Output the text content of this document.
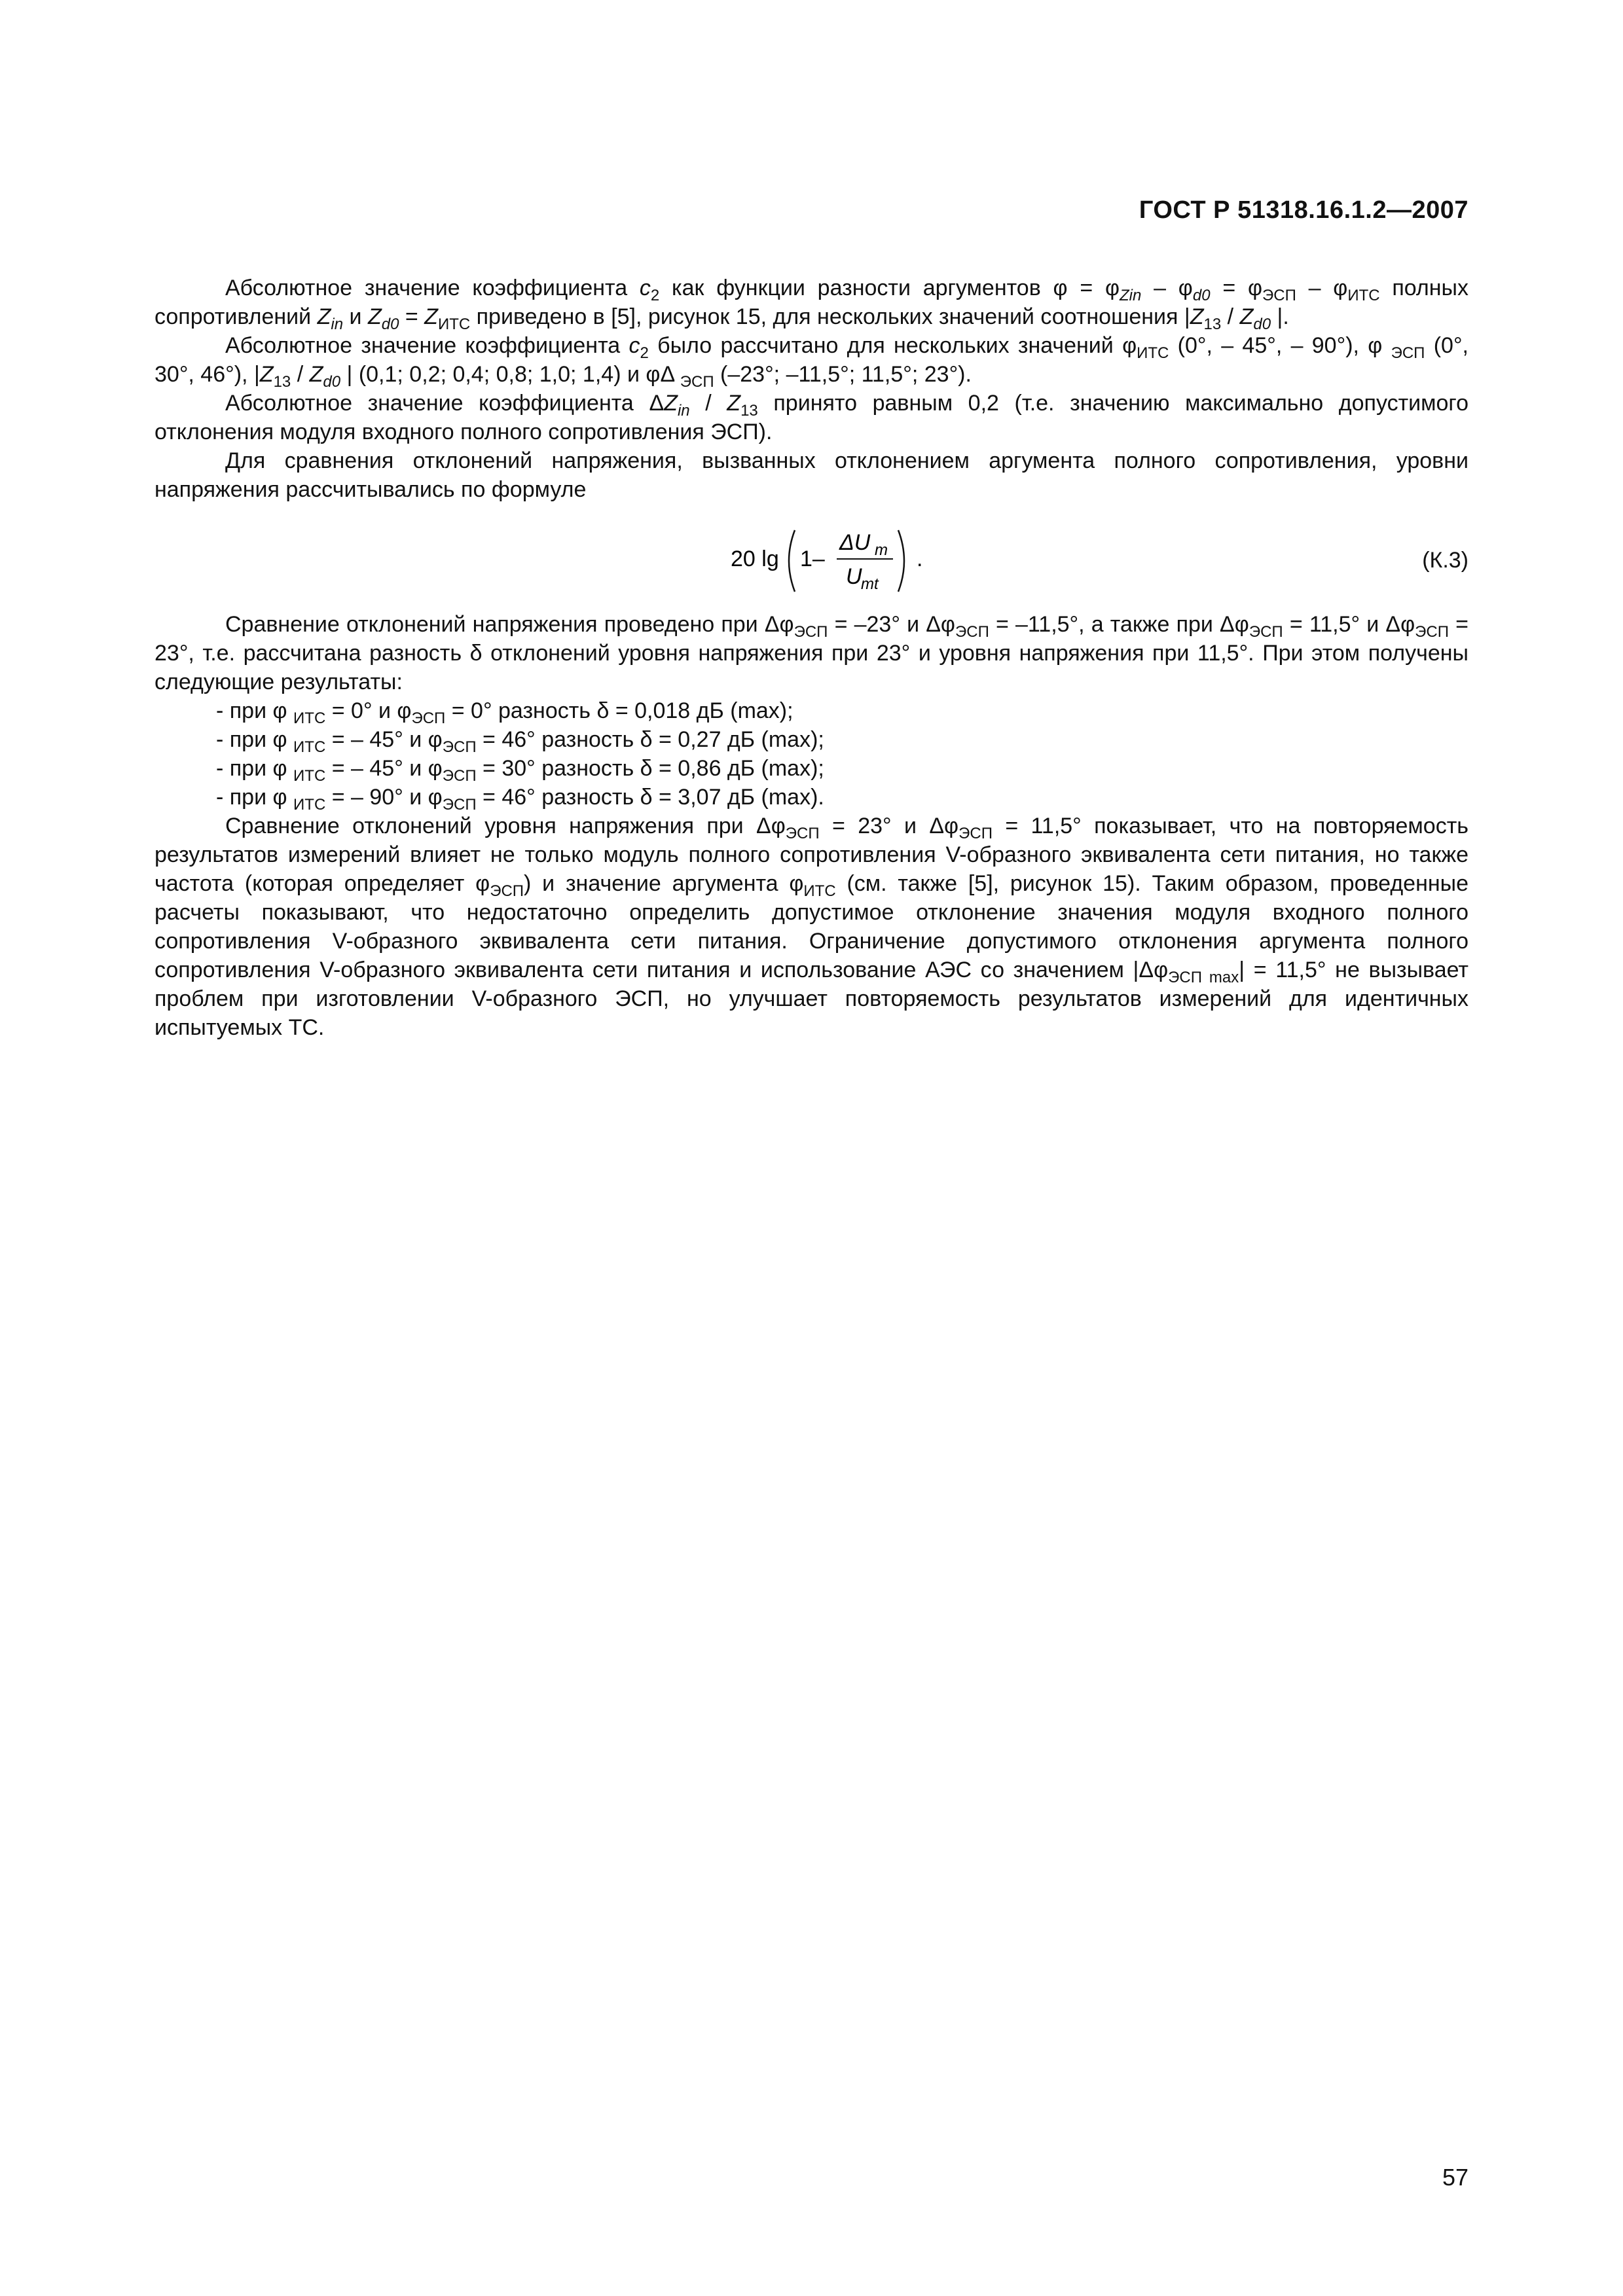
ГОСТ Р 51318.16.1.2—2007

Абсолютное значение коэффициента $c_2$ как функции разности аргументов $\varphi = \varphi_{Zin} - \varphi_{d0} = \varphi_{ЭСП} - \varphi_{ИТС}$ полных сопротивлений $Z_{in}$ и $Z_{d0} = Z_{ИТС}$ приведено в [5], рисунок 15, для нескольких значений соотношения $|Z_{13} / Z_{d0}$ |.

Абсолютное значение коэффициента $c_2$ было рассчитано для нескольких значений $\varphi_{ИТС}$ (0°, – 45°, – 90°), φ $_{ЭСП}$ (0°, 30°, 46°), $|Z_{13} / Z_{d0}$ | (0,1; 0,2; 0,4; 0,8; 1,0; 1,4) и φΔ $_{ЭСП}$ (–23°; –11,5°; 11,5°; 23°).

Абсолютное значение коэффициента $\Delta Z_{in} / Z_{13}$ принято равным 0,2 (т.е. значению максимально допустимого отклонения модуля входного полного сопротивления ЭСП).

Для сравнения отклонений напряжения, вызванных отклонением аргумента полного сопротивления, уровни напряжения рассчитывались по формуле

20 lg 1–
ΔU m
U
mt
.	(К.3)

Сравнение отклонений напряжения проведено при $\Delta\varphi_{ЭСП} = -23^\circ$ и $\Delta\varphi_{ЭСП} = -11,5^\circ$, а также при $\Delta\varphi_{ЭСП} = 11,5^\circ$ и $\Delta\varphi_{ЭСП} = 23^\circ$, т.е. рассчитана разность δ отклонений уровня напряжения при 23° и уровня напряжения при 11,5°. При этом получены следующие результаты:

- при φ $_{ИТС}$ = 0° и $\varphi_{ЭСП} = 0^\circ$ разность δ = 0,018 дБ (max);

- при φ $_{ИТС}$ = – 45° и $\varphi_{ЭСП} = 46^\circ$ разность δ = 0,27 дБ (max);

- при φ $_{ИТС}$ = – 45° и $\varphi_{ЭСП} = 30^\circ$ разность δ = 0,86 дБ (max);

- при φ $_{ИТС}$ = – 90° и $\varphi_{ЭСП} = 46^\circ$ разность δ = 3,07 дБ (max).

Сравнение отклонений уровня напряжения при $\Delta\varphi_{ЭСП} = 23^\circ$ и $\Delta\varphi_{ЭСП} = 11,5^\circ$ показывает, что на повторяемость результатов измерений влияет не только модуль полного сопротивления V-образного эквивалента сети питания, но также частота (которая определяет $\varphi_{ЭСП}$) и значение аргумента $\varphi_{ИТС}$ (см. также [5], рисунок 15). Таким образом, проведенные расчеты показывают, что недостаточно определить допустимое отклонение значения модуля входного полного сопротивления V-образного эквивалента сети питания. Ограничение допустимого отклонения аргумента полного сопротивления V-образного эквивалента сети питания и использование АЭС со значением $|\Delta\varphi_{ЭСП max}| = 11,5^\circ$ не вызывает проблем при изготовлении V-образного ЭСП, но улучшает повторяемость результатов измерений для идентичных испытуемых ТС.

57
